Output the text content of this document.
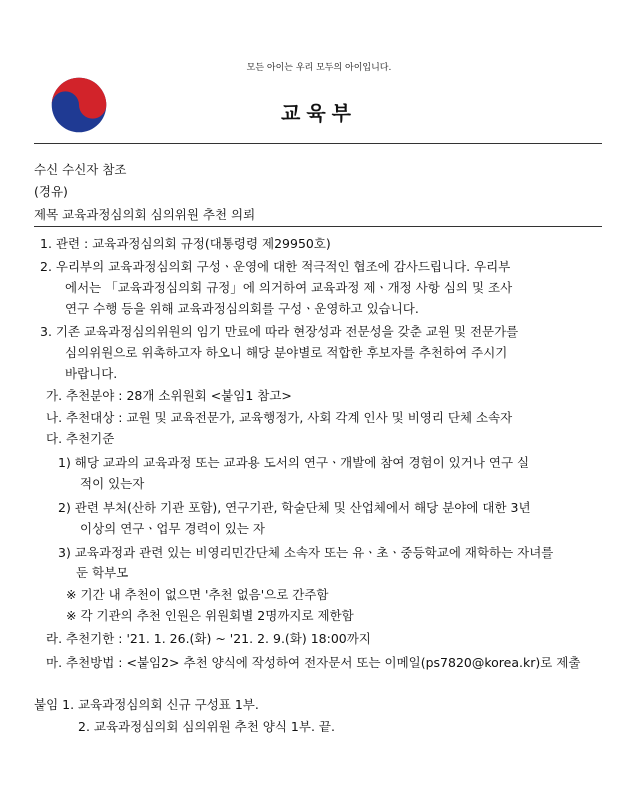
모든 아이는 우리 모두의 아이입니다.
교육부
수신 수신자 참조
(경유)
제목 교육과정심의회 심의위원 추천 의뢰
1. 관련 : 교육과정심의회 규정(대통령령 제29950호)
2. 우리부의 교육과정심의회 구성ㆍ운영에 대한 적극적인 협조에 감사드립니다. 우리부
에서는 「교육과정심의회 규정」에 의거하여 교육과정 제ㆍ개정 사항 심의 및 조사
연구 수행 등을 위해 교육과정심의회를 구성ㆍ운영하고 있습니다.
3. 기존 교육과정심의위원의 임기 만료에 따라 현장성과 전문성을 갖춘 교원 및 전문가를
심의위원으로 위촉하고자 하오니 해당 분야별로 적합한 후보자를 추천하여 주시기
바랍니다.
가. 추천분야 : 28개 소위원회 <붙임1 참고>
나. 추천대상 : 교원 및 교육전문가, 교육행정가, 사회 각계 인사 및 비영리 단체 소속자
다. 추천기준
1) 해당 교과의 교육과정 또는 교과용 도서의 연구ㆍ개발에 참여 경험이 있거나 연구 실
적이 있는자
2) 관련 부처(산하 기관 포함), 연구기관, 학술단체 및 산업체에서 해당 분야에 대한 3년
이상의 연구ㆍ업무 경력이 있는 자
3) 교육과정과 관련 있는 비영리민간단체 소속자 또는 유ㆍ초ㆍ중등학교에 재학하는 자녀를
둔 학부모
※ 기간 내 추천이 없으면 '추천 없음'으로 간주함
※ 각 기관의 추천 인원은 위원회별 2명까지로 제한함
라. 추천기한 : '21. 1. 26.(화) ~ '21. 2. 9.(화) 18:00까지
마. 추천방법 : <붙임2> 추천 양식에 작성하여 전자문서 또는 이메일(ps7820@korea.kr)로 제출
붙임 1. 교육과정심의회 신규 구성표 1부.
2. 교육과정심의회 심의위원 추천 양식 1부. 끝.
